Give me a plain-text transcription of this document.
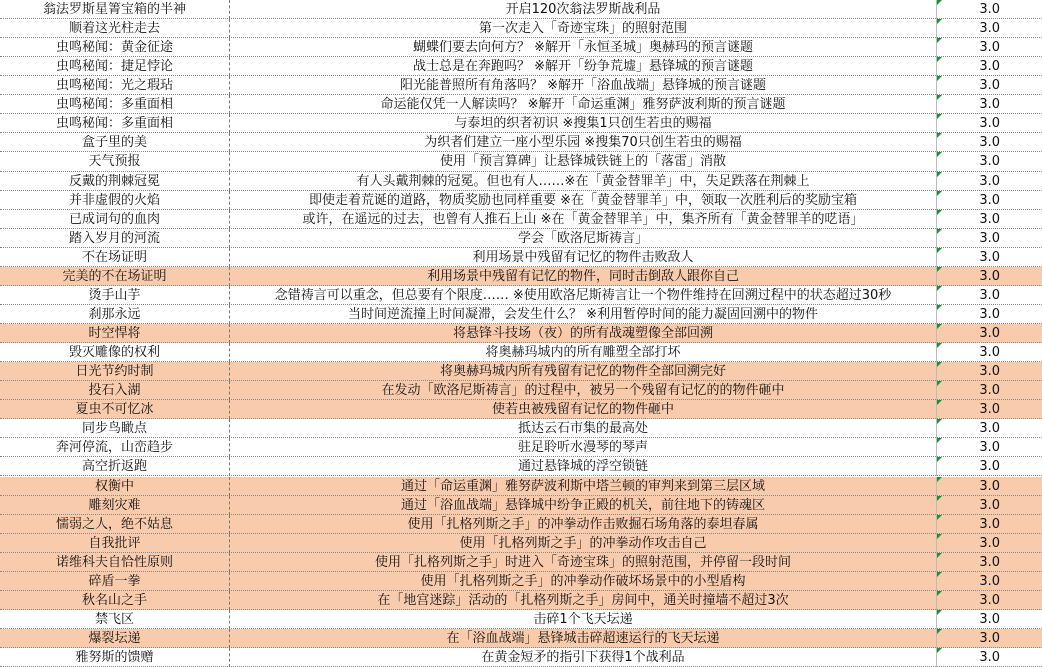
翁法罗斯星箐宝箱的半神	开启120次翁法罗斯战利品	3.0
顺着这光柱走去	第一次走入「奇迹宝珠」的照射范围	3.0
虫鸣秘闻：黄金征途	蝴蝶们要去向何方？ ※解开「永恒圣城」奥赫玛的预言谜题	3.0
虫鸣秘闻：捷足悖论	战士总是在奔跑吗？ ※解开「纷争荒墟」悬锋城的预言谜题	3.0
虫鸣秘闻：光之瑕玷	阳光能普照所有角落吗？ ※解开「浴血战端」悬锋城的预言谜题	3.0
虫鸣秘闻：多重面相	命运能仅凭一人解读吗？ ※解开「命运重渊」雅努萨波利斯的预言谜题	3.0
虫鸣秘闻：多重面相	与泰坦的织者初识 ※搜集1只创生若虫的赐福	3.0
盒子里的美	为织者们建立一座小型乐园 ※搜集70只创生若虫的赐福	3.0
天气预报	使用「预言算碑」让悬锋城铁链上的「落雷」消散	3.0
反戴的荆棘冠冕	有人头戴荆棘的冠冕。但也有人……※在「黄金替罪羊」中，失足跌落在荆棘上	3.0
并非虚假的火焰	即使走着荒诞的道路，物质奖励也同样重要 ※在「黄金替罪羊」中，领取一次胜利后的奖励宝箱	3.0
已成词句的血肉	或许，在遥远的过去，也曾有人推石上山 ※在「黄金替罪羊」中，集齐所有「黄金替罪羊的呓语」	3.0
踏入岁月的河流	学会「欧洛尼斯祷言」	3.0
不在场证明	利用场景中残留有记忆的物件击败敌人	3.0
完美的不在场证明	利用场景中残留有记忆的物件，同时击倒敌人跟你自己	3.0
烫手山芋	念错祷言可以重念，但总要有个限度…… ※使用欧洛尼斯祷言让一个物件维持在回溯过程中的状态超过30秒	3.0
刹那永远	当时间逆流撞上时间凝滞，会发生什么？ ※利用暂停时间的能力凝固回溯中的物件	3.0
时空悍将	将悬锋斗技场（夜）的所有战魂塑像全部回溯	3.0
毁灭雕像的权利	将奥赫玛城内的所有雕塑全部打坏	3.0
日光节约时制	将奥赫玛城内所有残留有记忆的物件全部回溯完好	3.0
投石入湖	在发动「欧洛尼斯祷言」的过程中，被另一个残留有记忆的的物件砸中	3.0
夏虫不可忆冰	使若虫被残留有记忆的物件砸中	3.0
同步鸟瞰点	抵达云石市集的最高处	3.0
奔河停流，山峦趋步	驻足聆听水漫琴的琴声	3.0
高空折返跑	通过悬锋城的浮空锁链	3.0
权衡中	通过「命运重渊」雅努萨波利斯中塔兰顿的审判来到第三层区域	3.0
雕刻灾难	通过「浴血战端」悬锋城中纷争正殿的机关，前往地下的铸魂区	3.0
懦弱之人，绝不姑息	使用「扎格列斯之手」的冲拳动作击败掘石场角落的泰坦春属	3.0
自我批评	使用「扎格列斯之手」的冲拳动作攻击自己	3.0
诺维科夫自恰性原则	使用「扎格列斯之手」时进入「奇迹宝珠」的照射范围，并停留一段时间	3.0
碎盾一拳	使用「扎格列斯之手」的冲拳动作破坏场景中的小型盾构	3.0
秋名山之手	在「地宫迷踪」活动的「扎格列斯之手」房间中，通关时撞墙不超过3次	3.0
禁飞区	击碎1个飞天坛递	3.0
爆裂坛递	在「浴血战端」悬锋城击碎超速运行的飞天坛递	3.0
雅努斯的馈赠	在黄金短矛的指引下获得1个战利品	3.0
